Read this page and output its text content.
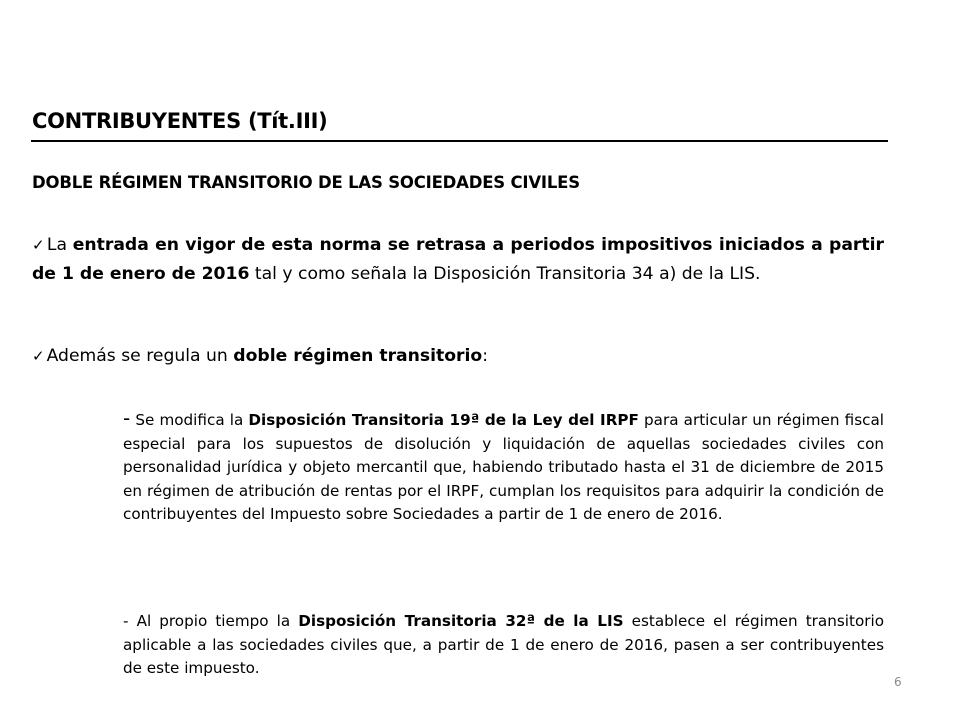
CONTRIBUYENTES (Tít.III)
DOBLE RÉGIMEN TRANSITORIO DE LAS SOCIEDADES CIVILES
✓ La entrada en vigor de esta norma se retrasa a periodos impositivos iniciados a partir de 1 de enero de 2016 tal y como señala la Disposición Transitoria 34 a) de la LIS.
✓ Además se regula un doble régimen transitorio:
- Se modifica la Disposición Transitoria 19ª de la Ley del IRPF para articular un régimen fiscal especial para los supuestos de disolución y liquidación de aquellas sociedades civiles con personalidad jurídica y objeto mercantil que, habiendo tributado hasta el 31 de diciembre de 2015 en régimen de atribución de rentas por el IRPF, cumplan los requisitos para adquirir la condición de contribuyentes del Impuesto sobre Sociedades a partir de 1 de enero de 2016.
- Al propio tiempo la Disposición Transitoria 32ª de la LIS establece el régimen transitorio aplicable a las sociedades civiles que, a partir de 1 de enero de 2016, pasen a ser contribuyentes de este impuesto.
6
